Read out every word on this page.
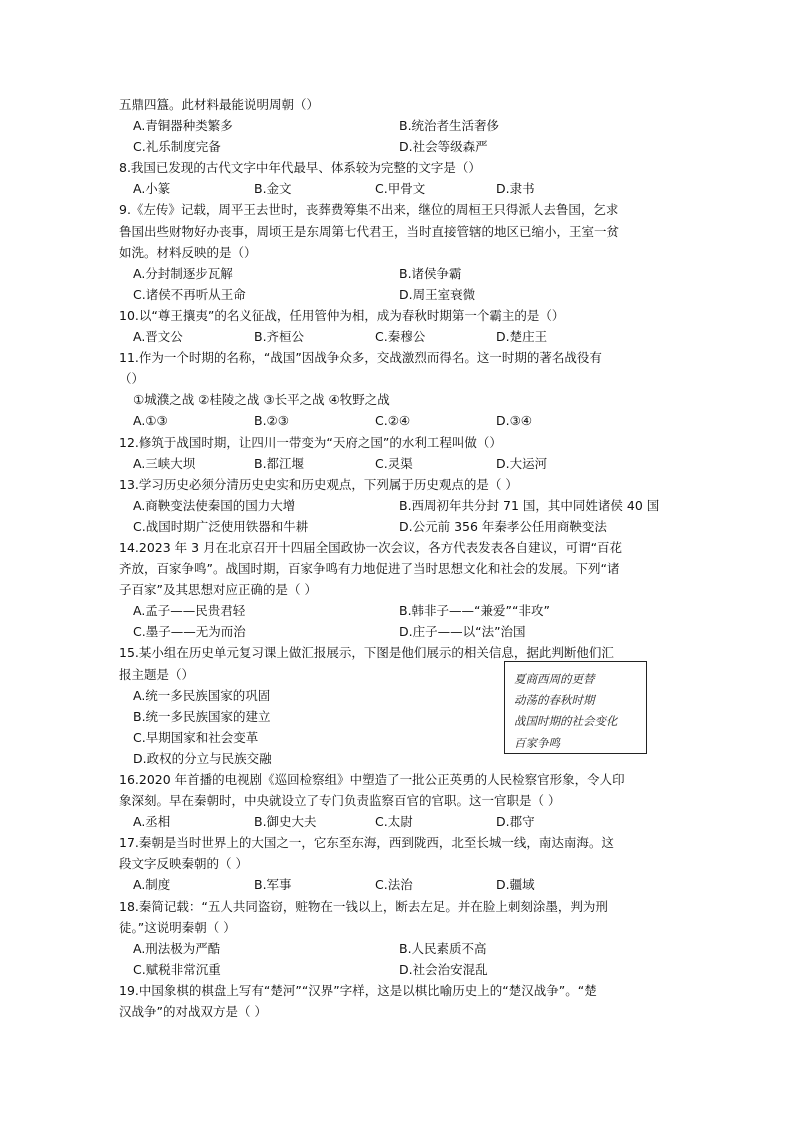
五鼎四簋。此材料最能说明周朝（）
A.青铜器种类繁多	B.统治者生活奢侈
C.礼乐制度完备	D.社会等级森严
8.我国已发现的古代文字中年代最早、体系较为完整的文字是（）
A.小篆	B.金文	C.甲骨文	D.隶书
9.《左传》记载，周平王去世时，丧葬费筹集不出来，继位的周桓王只得派人去鲁国，乞求
鲁国出些财物好办丧事，周顷王是东周第七代君王，当时直接管辖的地区已缩小，王室一贫
如洗。材料反映的是（）
A.分封制逐步瓦解	B.诸侯争霸
C.诸侯不再听从王命	D.周王室衰微
10.以“尊王攘夷”的名义征战，任用管仲为相，成为春秋时期第一个霸主的是（）
A.晋文公	B.齐桓公	C.秦穆公	D.楚庄王
11.作为一个时期的名称，“战国”因战争众多，交战激烈而得名。这一时期的著名战役有
（）
①城濮之战 ②桂陵之战 ③长平之战 ④牧野之战
A.①③	B.②③	C.②④	D.③④
12.修筑于战国时期，让四川一带变为“天府之国”的水利工程叫做（）
A.三峡大坝	B.都江堰	C.灵渠	D.大运河
13.学习历史必须分清历史史实和历史观点，下列属于历史观点的是（ ）
A.商鞅变法使秦国的国力大增	B.西周初年共分封 71 国，其中同姓诸侯 40 国
C.战国时期广泛使用铁器和牛耕	D.公元前 356 年秦孝公任用商鞅变法
14.2023 年 3 月在北京召开十四届全国政协一次会议，各方代表发表各自建议，可谓“百花
齐放，百家争鸣”。战国时期，百家争鸣有力地促进了当时思想文化和社会的发展。下列“诸
子百家”及其思想对应正确的是（ ）
A.孟子——民贵君轻	B.韩非子——“兼爱”“非攻”
C.墨子——无为而治	D.庄子——以“法”治国
15.某小组在历史单元复习课上做汇报展示，下图是他们展示的相关信息，据此判断他们汇
报主题是（）
A.统一多民族国家的巩固
B.统一多民族国家的建立
C.早期国家和社会变革
D.政权的分立与民族交融
16.2020 年首播的电视剧《巡回检察组》中塑造了一批公正英勇的人民检察官形象，令人印
象深刻。早在秦朝时，中央就设立了专门负责监察百官的官职。这一官职是（ ）
A.丞相	B.御史大夫	C.太尉	D.郡守
17.秦朝是当时世界上的大国之一，它东至东海，西到陇西，北至长城一线，南达南海。这
段文字反映秦朝的（ ）
A.制度	B.军事	C.法治	D.疆域
18.秦简记载：“五人共同盗窃，赃物在一钱以上，断去左足。并在脸上刺刻涂墨，判为刑
徒。”这说明秦朝（ ）
A.刑法极为严酷	B.人民素质不高
C.赋税非常沉重	D.社会治安混乱
19.中国象棋的棋盘上写有“楚河”“汉界”字样，这是以棋比喻历史上的“楚汉战争”。“楚
汉战争”的对战双方是（ ）
夏商西周的更替
动荡的春秋时期
战国时期的社会变化
百家争鸣
